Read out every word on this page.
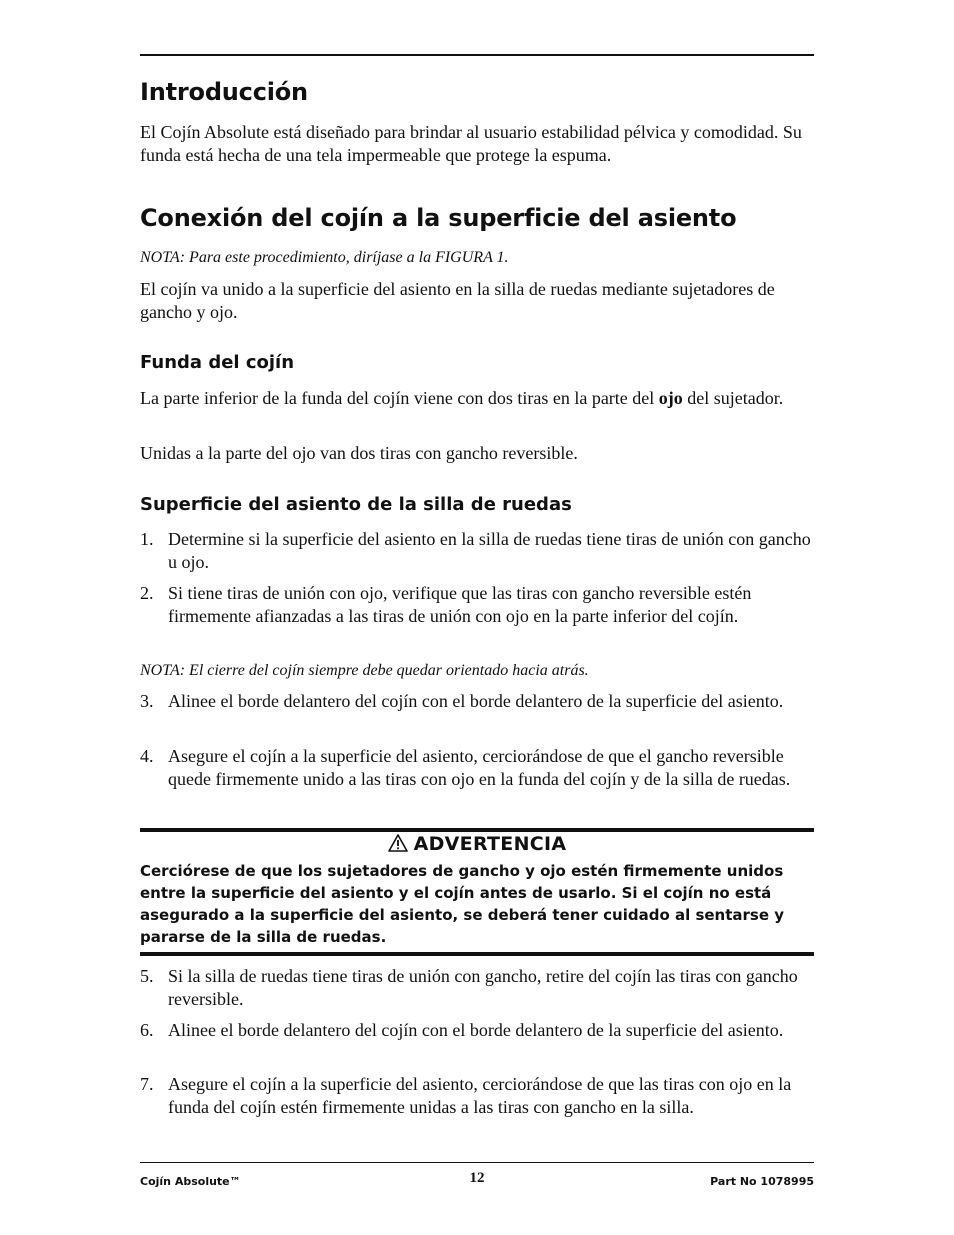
Introducción

El Cojín Absolute está diseñado para brindar al usuario estabilidad pélvica y comodidad. Su funda está hecha de una tela impermeable que protege la espuma.

Conexión del cojín a la superficie del asiento

NOTA: Para este procedimiento, diríjase a la FIGURA 1.

El cojín va unido a la superficie del asiento en la silla de ruedas mediante sujetadores de gancho y ojo.

Funda del cojín

La parte inferior de la funda del cojín viene con dos tiras en la parte del ojo del sujetador.

Unidas a la parte del ojo van dos tiras con gancho reversible.

Superficie del asiento de la silla de ruedas
1. Determine si la superficie del asiento en la silla de ruedas tiene tiras de unión con gancho u ojo.
2. Si tiene tiras de unión con ojo, verifique que las tiras con gancho reversible estén firmemente afianzadas a las tiras de unión con ojo en la parte inferior del cojín.

NOTA: El cierre del cojín siempre debe quedar orientado hacia atrás.

3. Alinee el borde delantero del cojín con el borde delantero de la superficie del asiento.
4. Asegure el cojín a la superficie del asiento, cerciorándose de que el gancho reversible quede firmemente unido a las tiras con ojo en la funda del cojín y de la silla de ruedas.
ADVERTENCIA
Cerciórese de que los sujetadores de gancho y ojo estén firmemente unidos entre la superficie del asiento y el cojín antes de usarlo. Si el cojín no está asegurado a la superficie del asiento, se deberá tener cuidado al sentarse y pararse de la silla de ruedas.
5. Si la silla de ruedas tiene tiras de unión con gancho, retire del cojín las tiras con gancho reversible.
6. Alinee el borde delantero del cojín con el borde delantero de la superficie del asiento.
7. Asegure el cojín a la superficie del asiento, cerciorándose de que las tiras con ojo en la funda del cojín estén firmemente unidas a las tiras con gancho en la silla.
Cojín Absolute™	12	Part No 1078995
